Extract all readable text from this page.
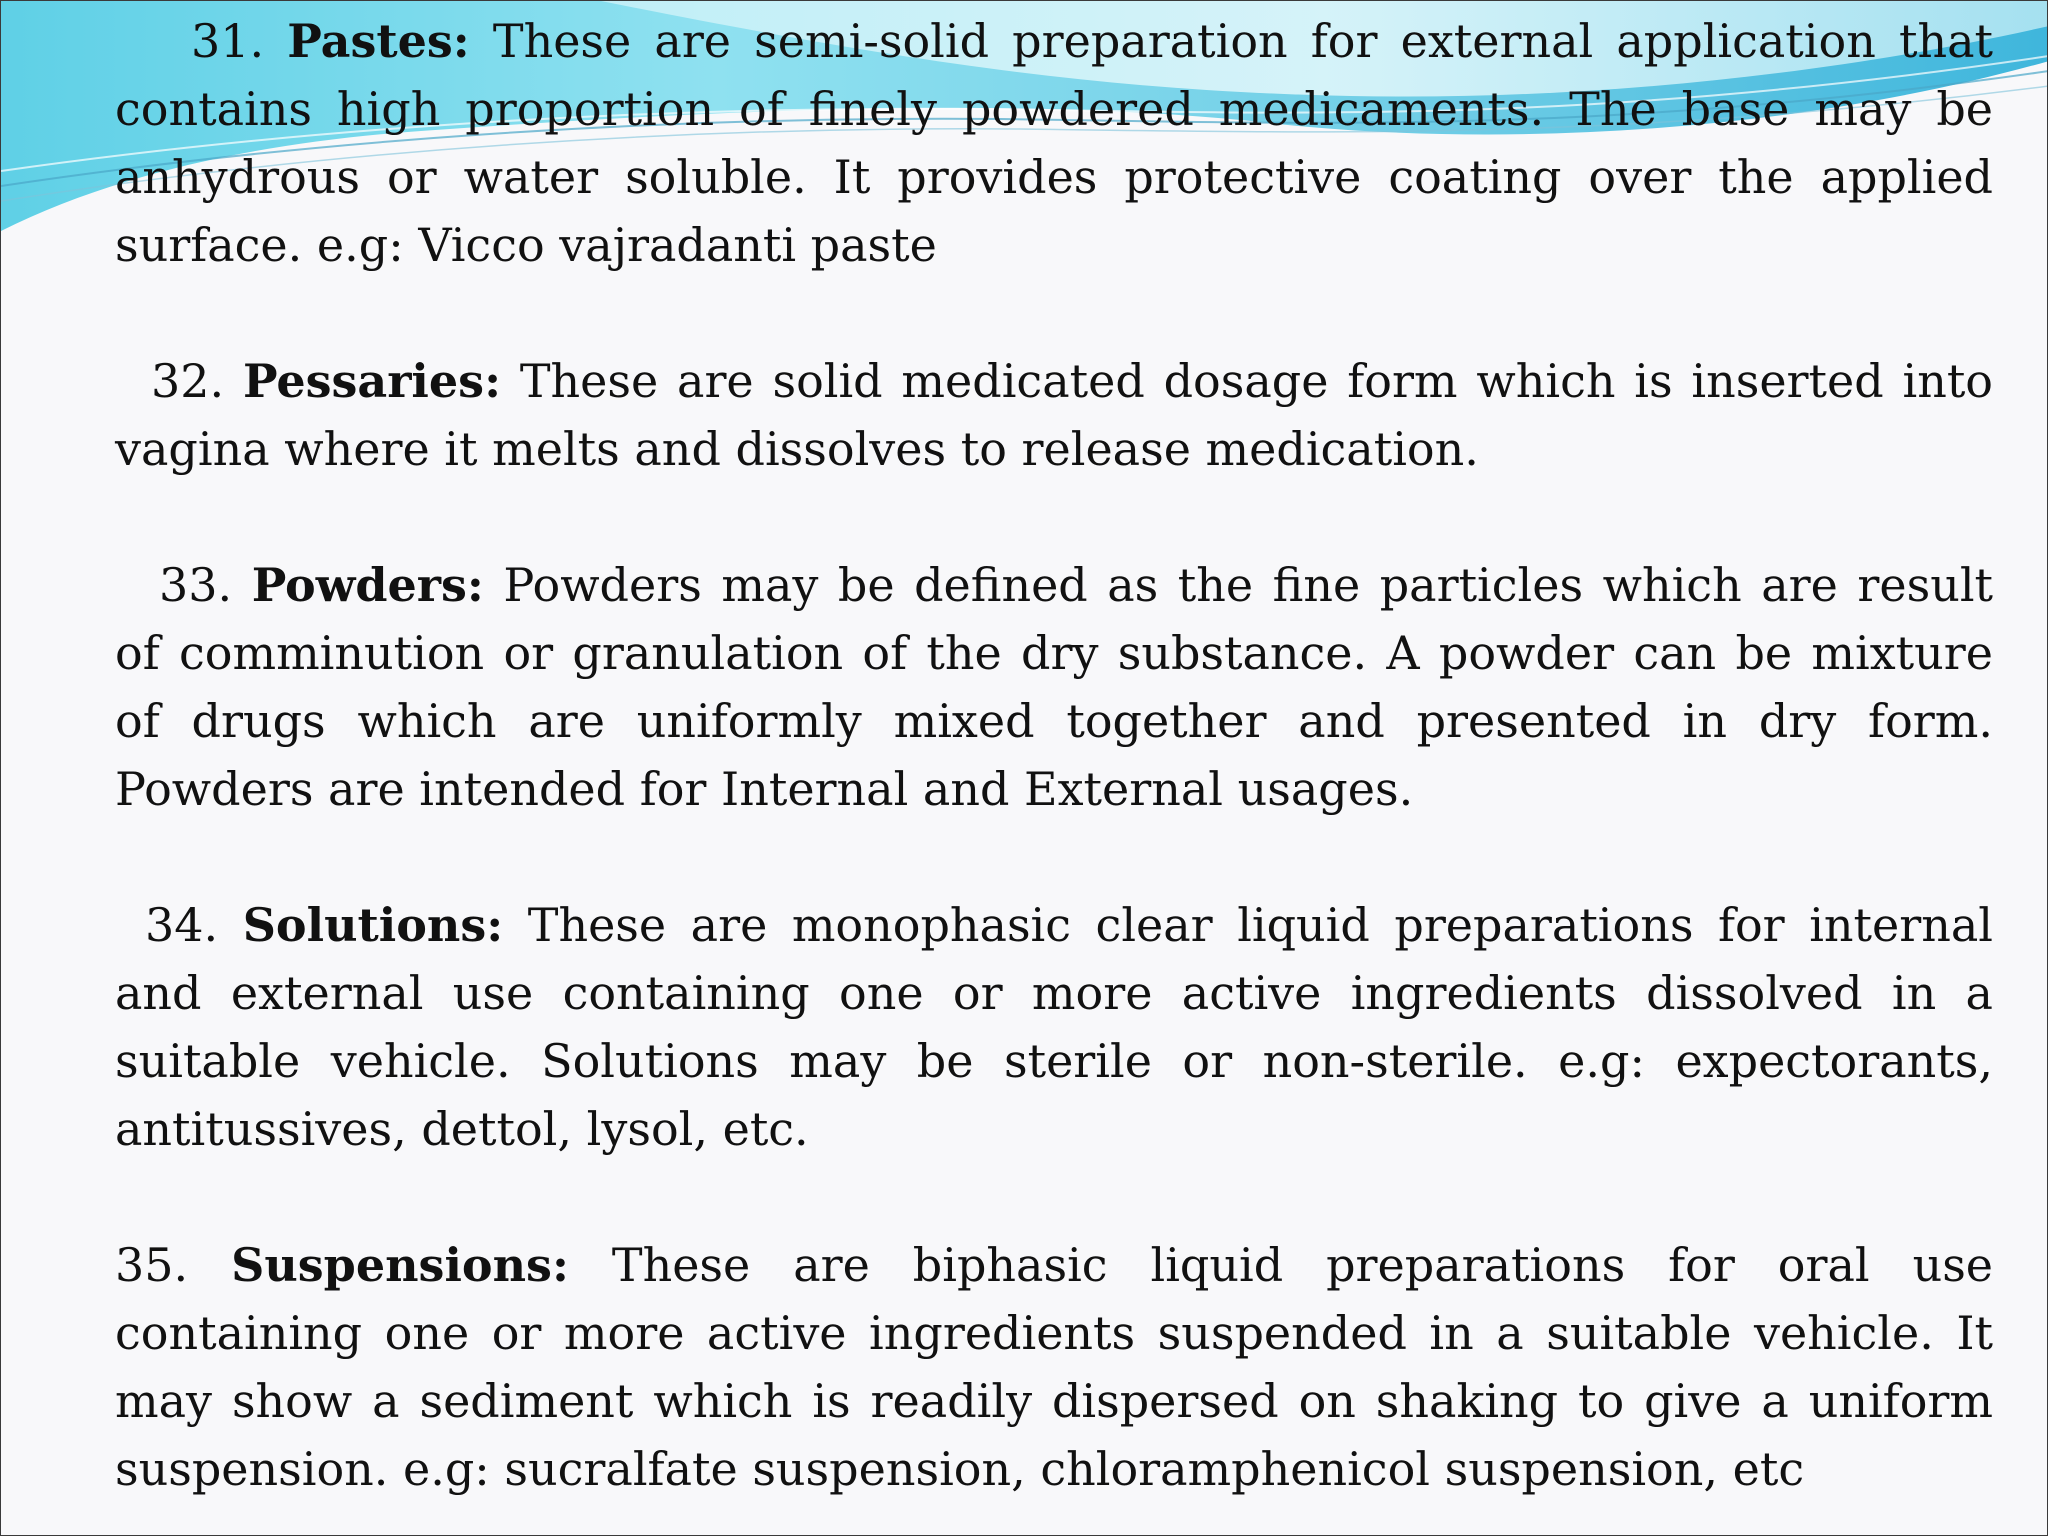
31. Pastes: These are semi-solid preparation for external application that contains high proportion of finely powdered medicaments. The base may be anhydrous or water soluble. It provides protective coating over the applied surface. e.g: Vicco vajradanti paste

32. Pessaries: These are solid medicated dosage form which is inserted into vagina where it melts and dissolves to release medication.

33. Powders: Powders may be defined as the fine particles which are result of comminution or granulation of the dry substance. A powder can be mixture of drugs which are uniformly mixed together and presented in dry form. Powders are intended for Internal and External usages.

34. Solutions: These are monophasic clear liquid preparations for internal and external use containing one or more active ingredients dissolved in a suitable vehicle. Solutions may be sterile or non-sterile. e.g: expectorants, antitussives, dettol, lysol, etc.

35. Suspensions: These are biphasic liquid preparations for oral use containing one or more active ingredients suspended in a suitable vehicle. It may show a sediment which is readily dispersed on shaking to give a uniform suspension. e.g: sucralfate suspension, chloramphenicol suspension, etc
